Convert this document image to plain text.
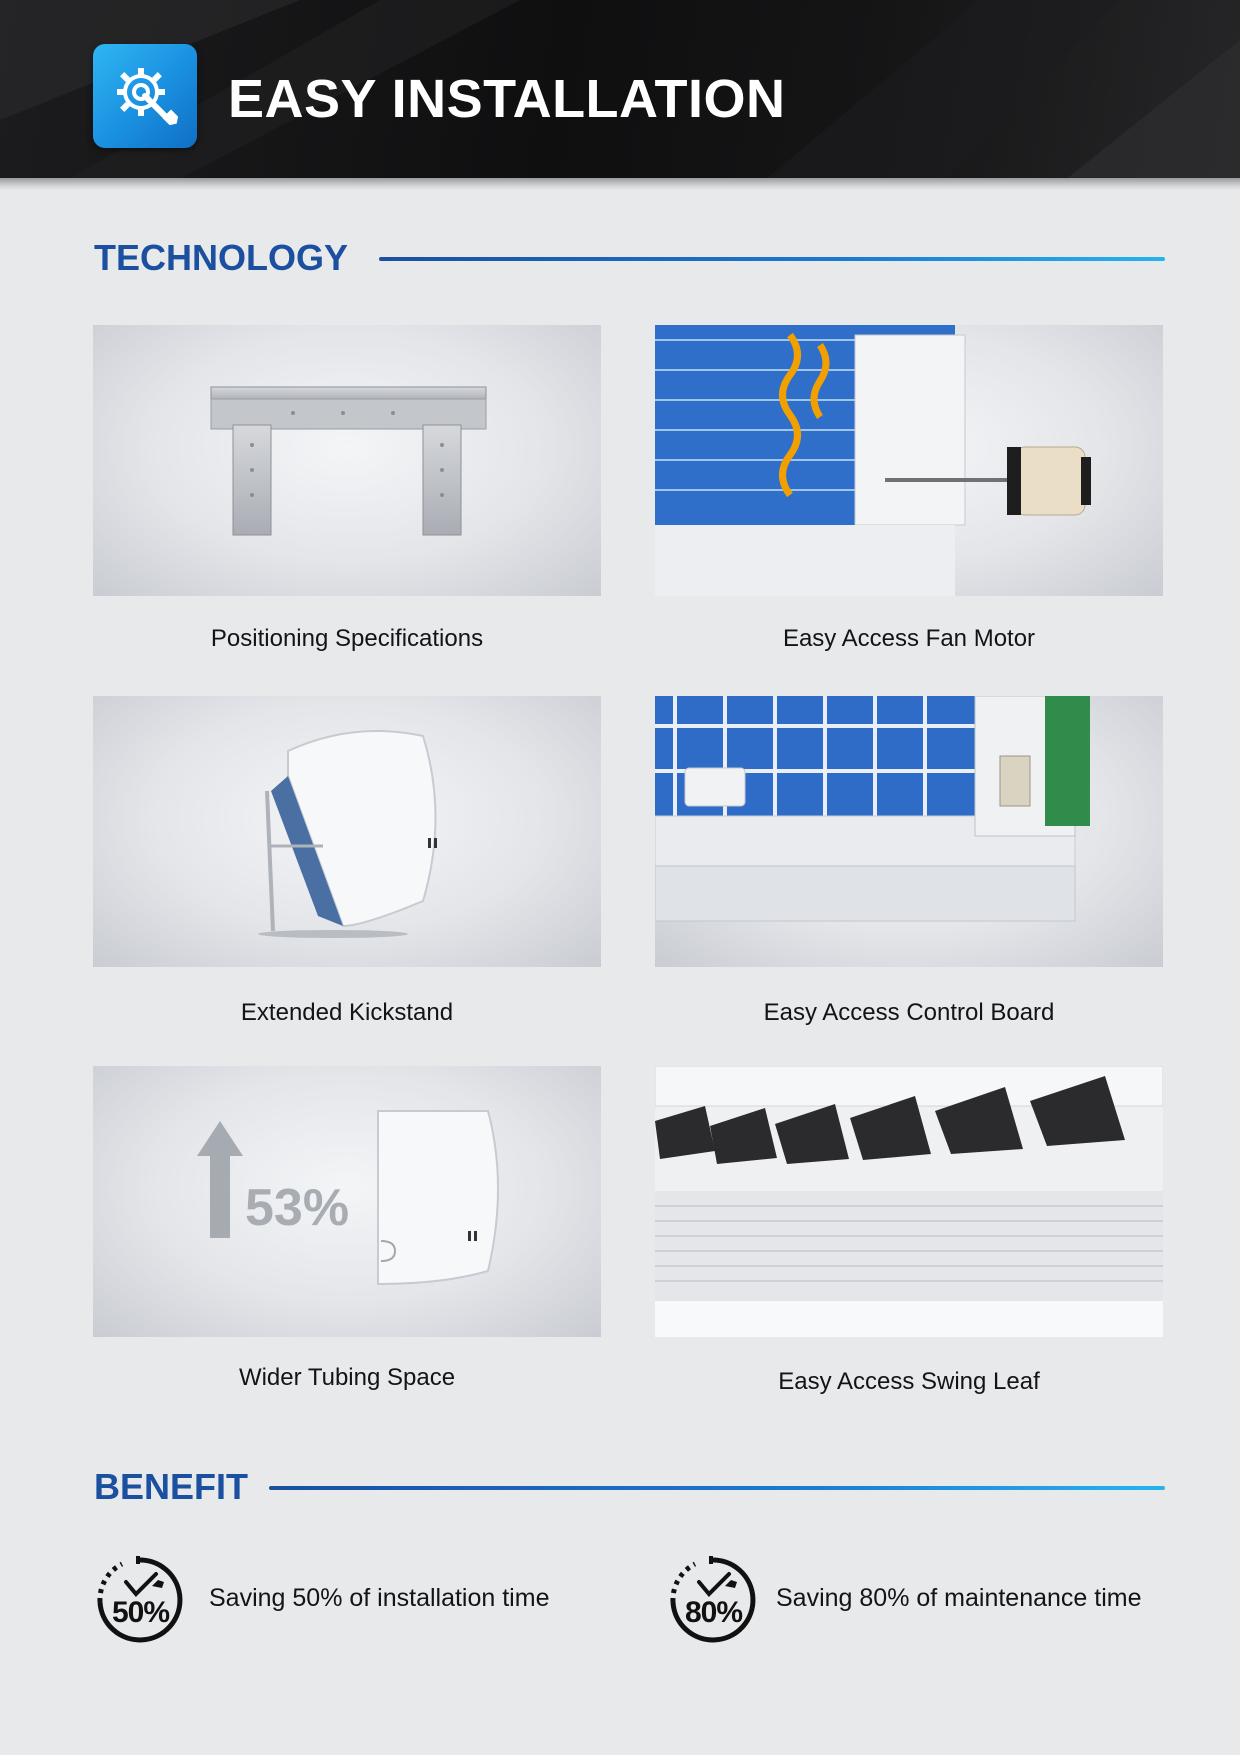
EASY INSTALLATION
TECHNOLOGY
Positioning Specifications	Easy Access Fan Motor
Extended Kickstand	Easy Access Control Board
53%
Wider Tubing Space	Easy Access Swing Leaf
BENEFIT
50% Saving 50% of installation time	80% Saving 80% of maintenance time
